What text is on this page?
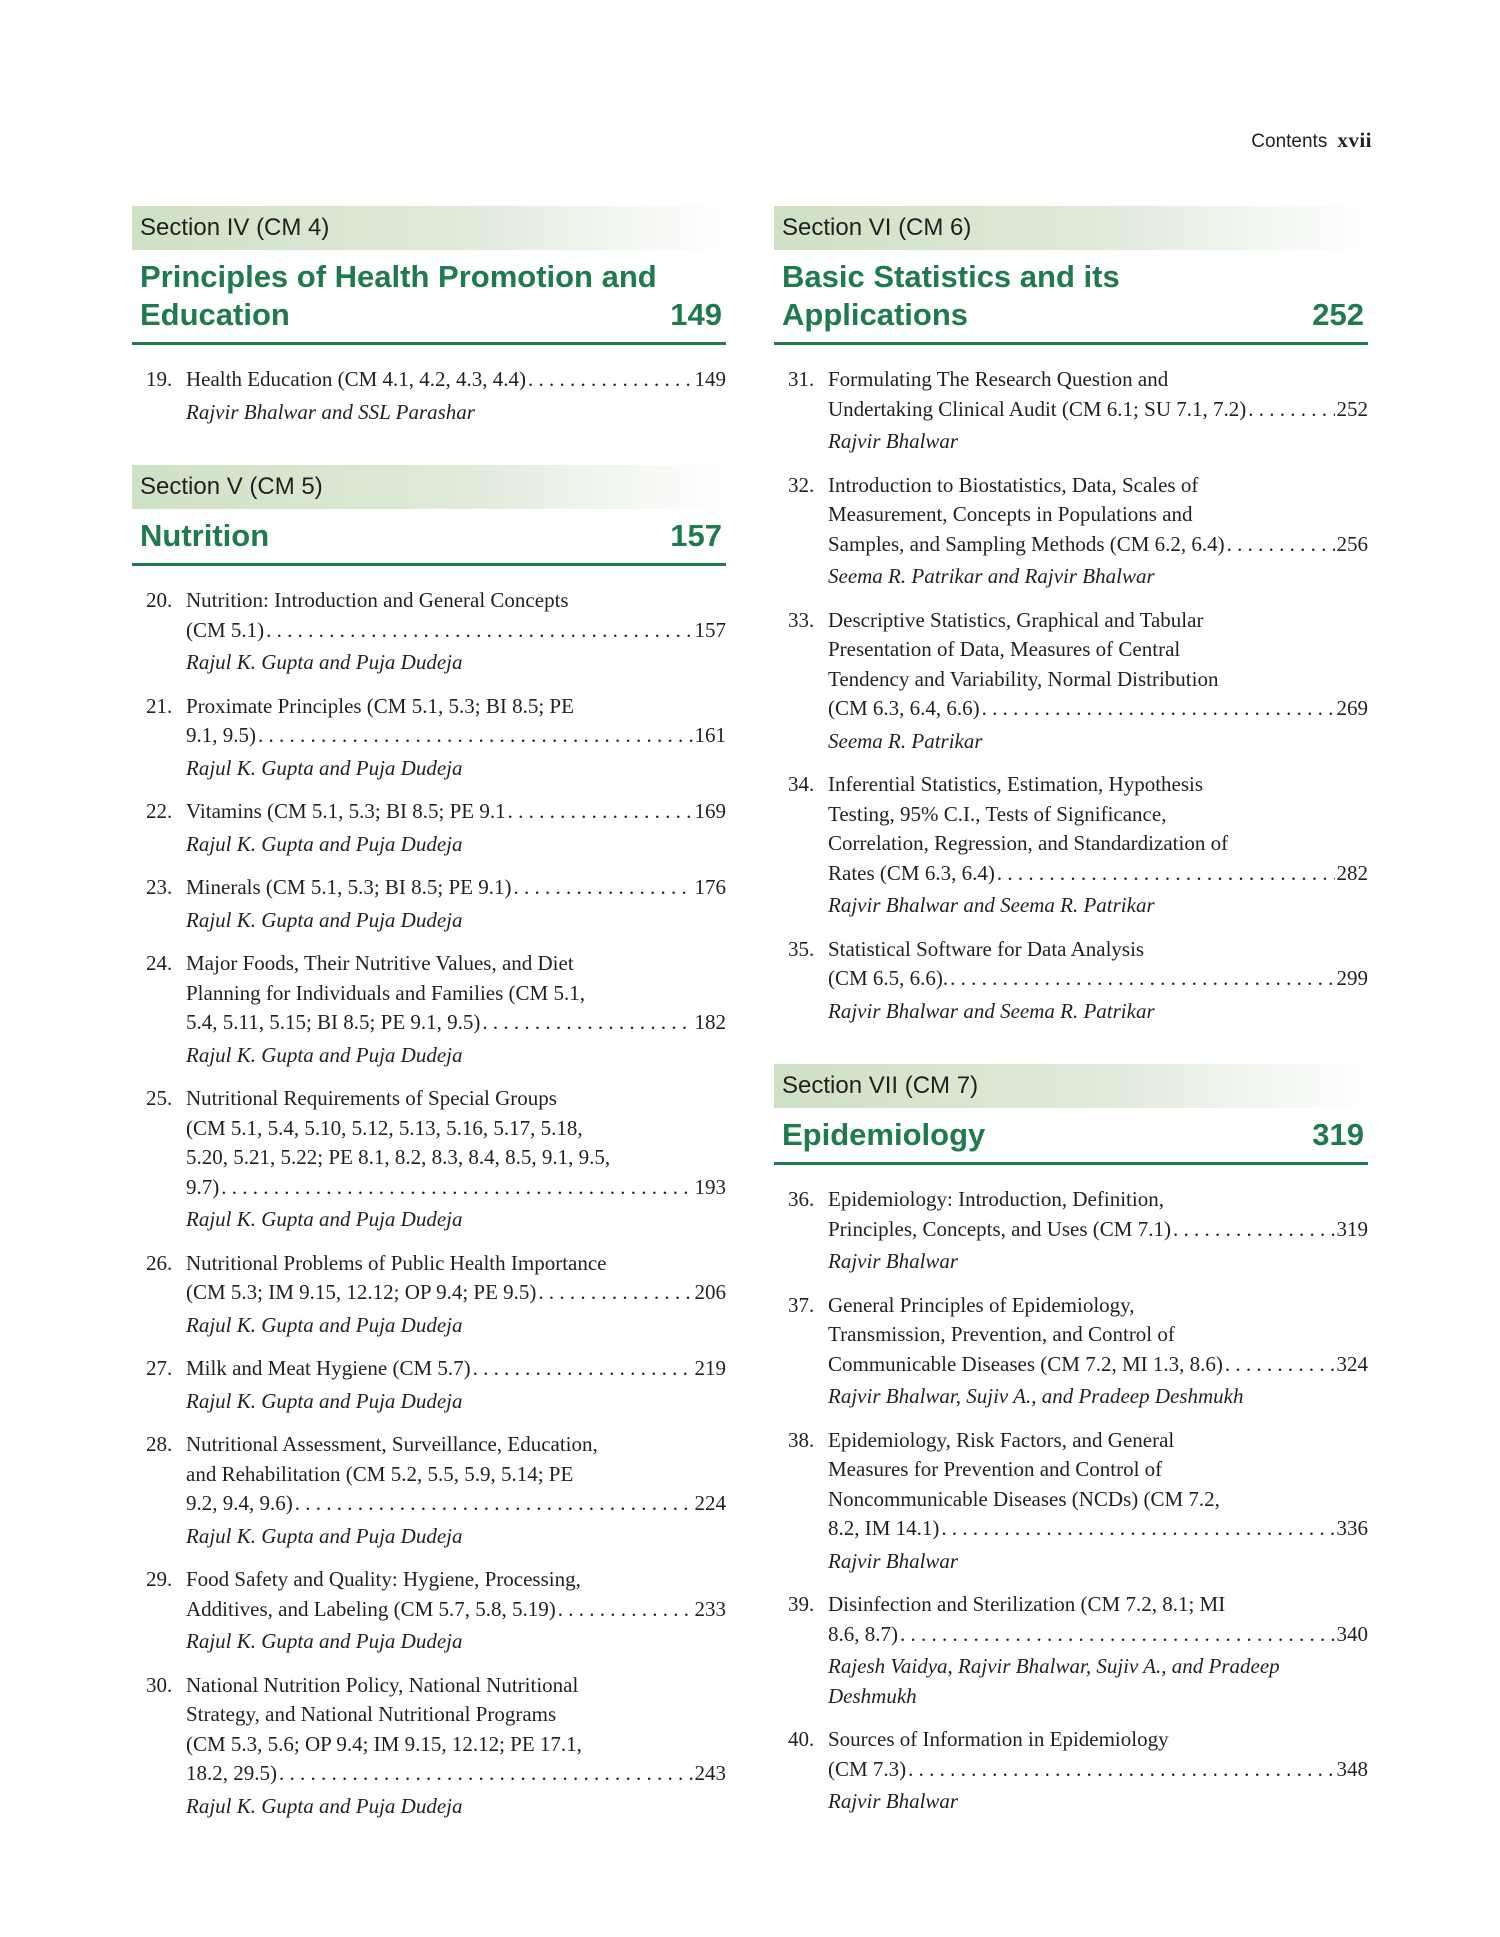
Contents xvii
Section IV (CM 4)
Principles of Health Promotion and Education	149
19. Health Education (CM 4.1, 4.2, 4.3, 4.4) . . .	149
Rajvir Bhalwar and SSL Parashar
Section V (CM 5)
Nutrition	157
20. Nutrition: Introduction and General Concepts
(CM 5.1) . . .	157
Rajul K. Gupta and Puja Dudeja
21. Proximate Principles (CM 5.1, 5.3; BI 8.5; PE
9.1, 9.5) . . .	161
Rajul K. Gupta and Puja Dudeja
22. Vitamins (CM 5.1, 5.3; BI 8.5; PE 9.1 . . .	169
Rajul K. Gupta and Puja Dudeja
23. Minerals (CM 5.1, 5.3; BI 8.5; PE 9.1) . . .	176
Rajul K. Gupta and Puja Dudeja
24. Major Foods, Their Nutritive Values, and Diet
Planning for Individuals and Families (CM 5.1,
5.4, 5.11, 5.15; BI 8.5; PE 9.1, 9.5) . . .	182
Rajul K. Gupta and Puja Dudeja
25. Nutritional Requirements of Special Groups
(CM 5.1, 5.4, 5.10, 5.12, 5.13, 5.16, 5.17, 5.18,
5.20, 5.21, 5.22; PE 8.1, 8.2, 8.3, 8.4, 8.5, 9.1, 9.5,
9.7) . . .	193
Rajul K. Gupta and Puja Dudeja
26. Nutritional Problems of Public Health Importance
(CM 5.3; IM 9.15, 12.12; OP 9.4; PE 9.5) . . .	206
Rajul K. Gupta and Puja Dudeja
27. Milk and Meat Hygiene (CM 5.7) . . .	219
Rajul K. Gupta and Puja Dudeja
28. Nutritional Assessment, Surveillance, Education,
and Rehabilitation (CM 5.2, 5.5, 5.9, 5.14; PE
9.2, 9.4, 9.6) . . .	224
Rajul K. Gupta and Puja Dudeja
29. Food Safety and Quality: Hygiene, Processing,
Additives, and Labeling (CM 5.7, 5.8, 5.19) . . .	233
Rajul K. Gupta and Puja Dudeja
30. National Nutrition Policy, National Nutritional
Strategy, and National Nutritional Programs
(CM 5.3, 5.6; OP 9.4; IM 9.15, 12.12; PE 17.1,
18.2, 29.5) . . .	243
Rajul K. Gupta and Puja Dudeja
Section VI (CM 6)
Basic Statistics and its Applications	252
31. Formulating The Research Question and
Undertaking Clinical Audit (CM 6.1; SU 7.1, 7.2) . . .	252
Rajvir Bhalwar
32. Introduction to Biostatistics, Data, Scales of
Measurement, Concepts in Populations and
Samples, and Sampling Methods (CM 6.2, 6.4) . . .	256
Seema R. Patrikar and Rajvir Bhalwar
33. Descriptive Statistics, Graphical and Tabular
Presentation of Data, Measures of Central
Tendency and Variability, Normal Distribution
(CM 6.3, 6.4, 6.6) . . .	269
Seema R. Patrikar
34. Inferential Statistics, Estimation, Hypothesis
Testing, 95% C.I., Tests of Significance,
Correlation, Regression, and Standardization of
Rates (CM 6.3, 6.4) . . .	282
Rajvir Bhalwar and Seema R. Patrikar
35. Statistical Software for Data Analysis
(CM 6.5, 6.6). . . .	299
Rajvir Bhalwar and Seema R. Patrikar
Section VII (CM 7)
Epidemiology	319
36. Epidemiology: Introduction, Definition,
Principles, Concepts, and Uses (CM 7.1) . . .	319
Rajvir Bhalwar
37. General Principles of Epidemiology,
Transmission, Prevention, and Control of
Communicable Diseases (CM 7.2, MI 1.3, 8.6) . . .	324
Rajvir Bhalwar, Sujiv A., and Pradeep Deshmukh
38. Epidemiology, Risk Factors, and General
Measures for Prevention and Control of
Noncommunicable Diseases (NCDs) (CM 7.2,
8.2, IM 14.1) . . .	336
Rajvir Bhalwar
39. Disinfection and Sterilization (CM 7.2, 8.1; MI
8.6, 8.7) . . .	340
Rajesh Vaidya, Rajvir Bhalwar, Sujiv A., and Pradeep Deshmukh
40. Sources of Information in Epidemiology
(CM 7.3) . . .	348
Rajvir Bhalwar
